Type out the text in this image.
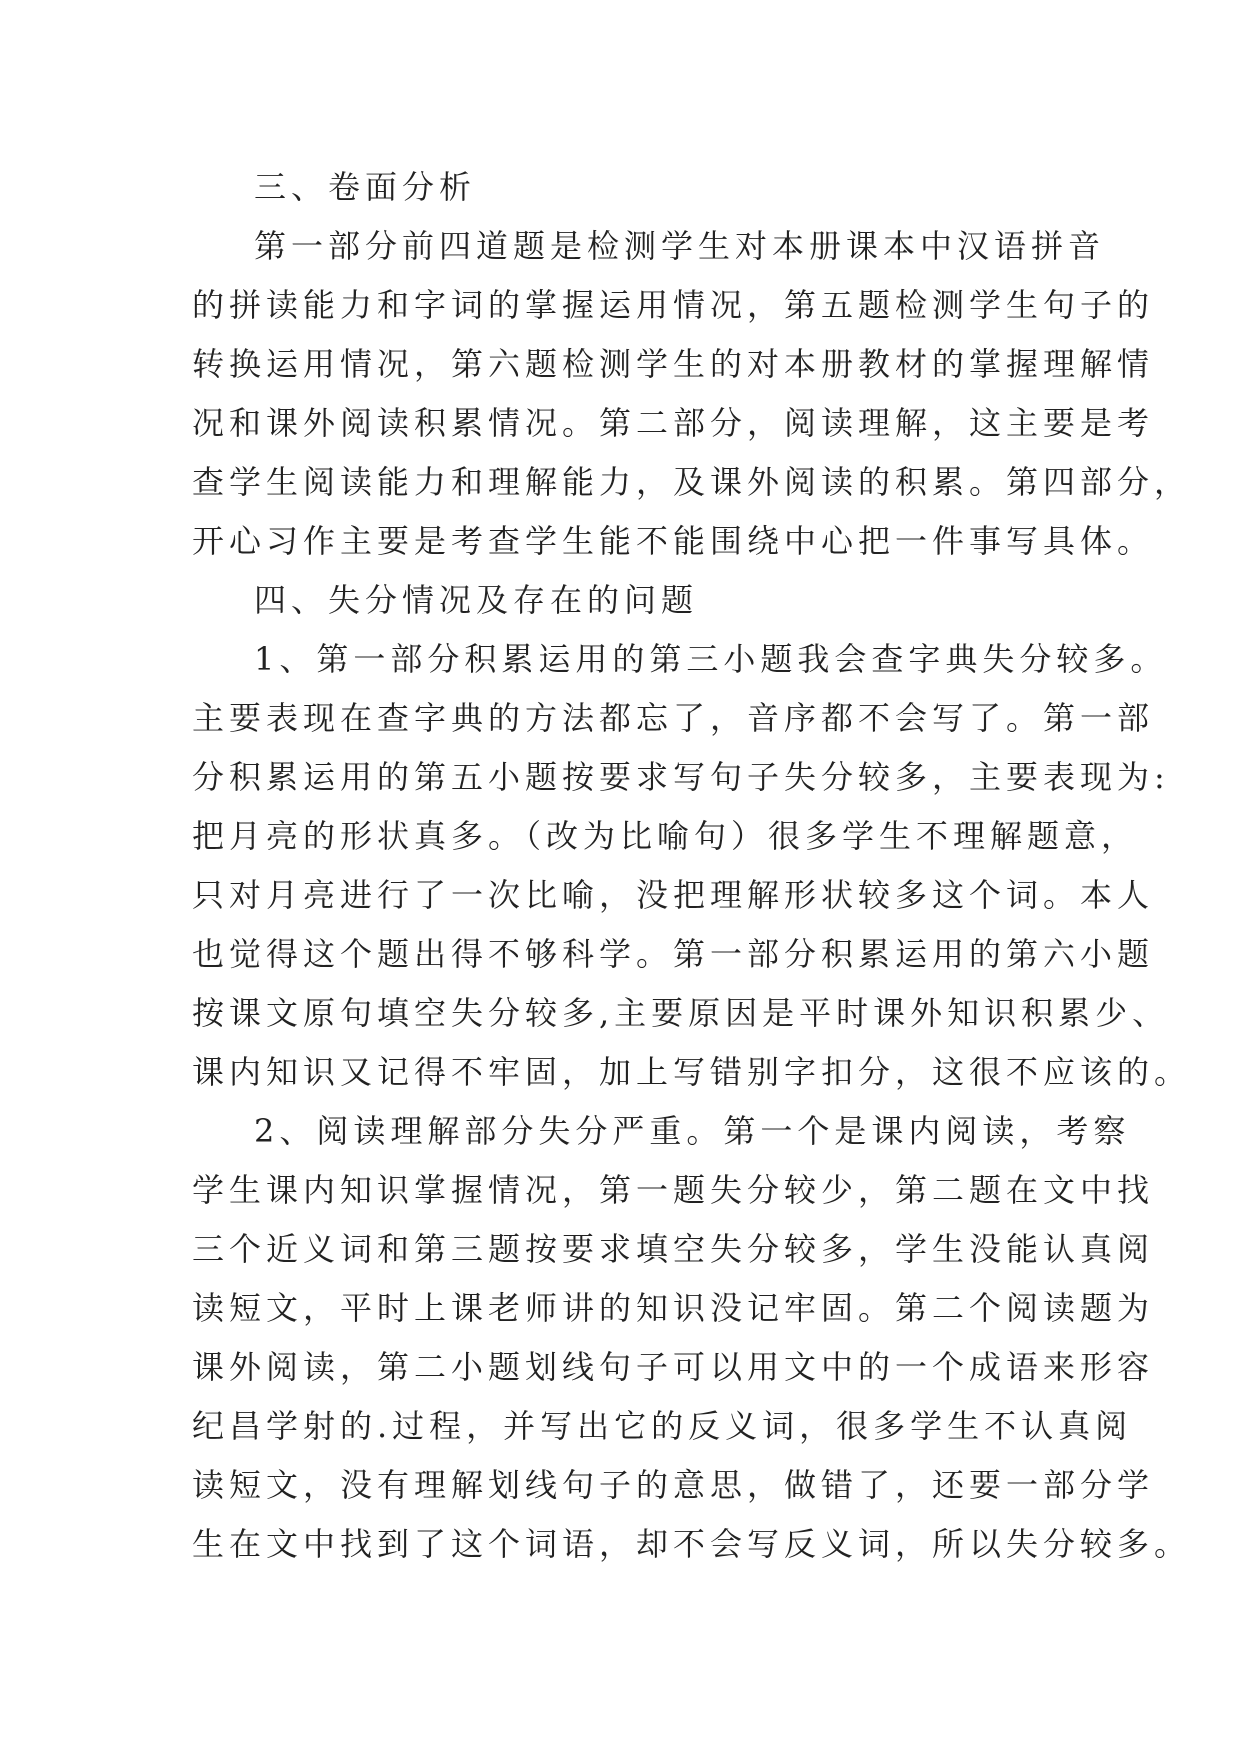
三、卷面分析
第一部分前四道题是检测学生对本册课本中汉语拼音
的拼读能力和字词的掌握运用情况，第五题检测学生句子的
转换运用情况，第六题检测学生的对本册教材的掌握理解情
况和课外阅读积累情况。第二部分，阅读理解，这主要是考
查学生阅读能力和理解能力，及课外阅读的积累。第四部分，
开心习作主要是考查学生能不能围绕中心把一件事写具体。
四、失分情况及存在的问题
1、第一部分积累运用的第三小题我会查字典失分较多。
主要表现在查字典的方法都忘了，音序都不会写了。第一部
分积累运用的第五小题按要求写句子失分较多，主要表现为:
把月亮的形状真多。（改为比喻句）很多学生不理解题意，
只对月亮进行了一次比喻，没把理解形状较多这个词。本人
也觉得这个题出得不够科学。第一部分积累运用的第六小题
按课文原句填空失分较多,主要原因是平时课外知识积累少、
课内知识又记得不牢固，加上写错别字扣分，这很不应该的。
2、阅读理解部分失分严重。第一个是课内阅读，考察
学生课内知识掌握情况，第一题失分较少，第二题在文中找
三个近义词和第三题按要求填空失分较多，学生没能认真阅
读短文，平时上课老师讲的知识没记牢固。第二个阅读题为
课外阅读，第二小题划线句子可以用文中的一个成语来形容
纪昌学射的.过程，并写出它的反义词，很多学生不认真阅
读短文，没有理解划线句子的意思，做错了，还要一部分学
生在文中找到了这个词语，却不会写反义词，所以失分较多。
